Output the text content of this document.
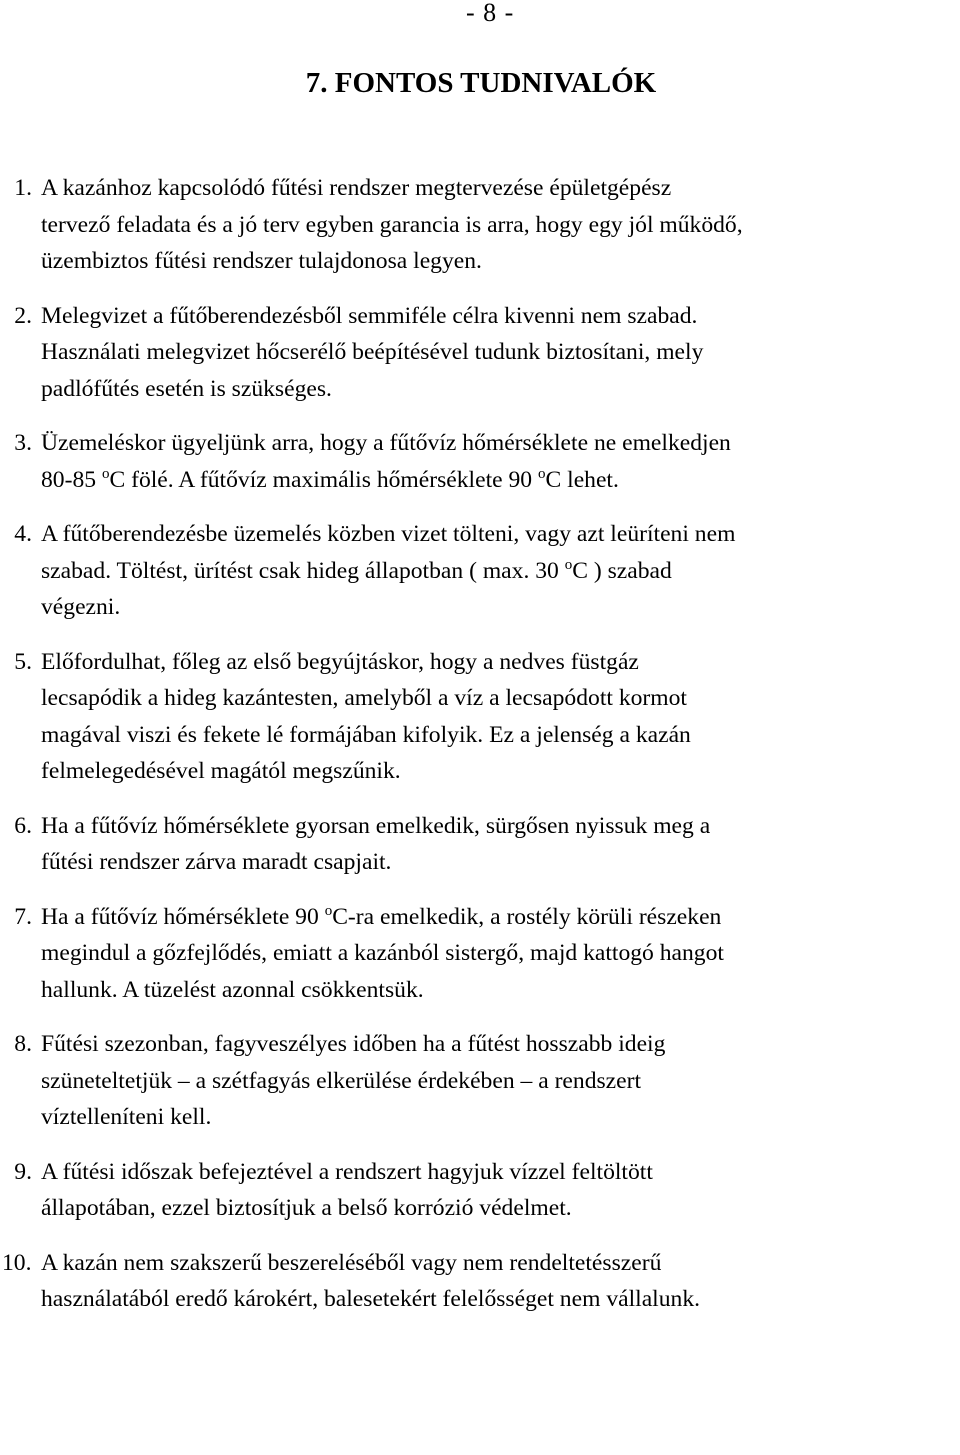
- 8 -
7. FONTOS TUDNIVALÓK
1. A kazánhoz kapcsolódó fűtési rendszer megtervezése épületgépész
tervező feladata és a jó terv egyben garancia is arra, hogy egy jól működő,
üzembiztos fűtési rendszer tulajdonosa legyen.
2. Melegvizet a fűtőberendezésből semmiféle célra kivenni nem szabad.
Használati melegvizet hőcserélő beépítésével tudunk biztosítani, mely
padlófűtés esetén is szükséges.
3. Üzemeléskor ügyeljünk arra, hogy a fűtővíz hőmérséklete ne emelkedjen
80-85 $^o$C fölé. A fűtővíz maximális hőmérséklete 90 $^o$C lehet.
4. A fűtőberendezésbe üzemelés közben vizet tölteni, vagy azt leüríteni nem
szabad. Töltést, ürítést csak hideg állapotban ( max. 30 $^o$C ) szabad
végezni.
5. Előfordulhat, főleg az első begyújtáskor, hogy a nedves füstgáz
lecsapódik a hideg kazántesten, amelyből a víz a lecsapódott kormot
magával viszi és fekete lé formájában kifolyik. Ez a jelenség a kazán
felmelegedésével magától megszűnik.
6. Ha a fűtővíz hőmérséklete gyorsan emelkedik, sürgősen nyissuk meg a
fűtési rendszer zárva maradt csapjait.
7. Ha a fűtővíz hőmérséklete 90 $^o$C-ra emelkedik, a rostély körüli részeken
megindul a gőzfejlődés, emiatt a kazánból sistergő, majd kattogó hangot
hallunk. A tüzelést azonnal csökkentsük.
8. Fűtési szezonban, fagyveszélyes időben ha a fűtést hosszabb ideig
szüneteltetjük – a szétfagyás elkerülése érdekében – a rendszert
víztelleníteni kell.
9. A fűtési időszak befejeztével a rendszert hagyjuk vízzel feltöltött
állapotában, ezzel biztosítjuk a belső korrózió védelmet.
10. A kazán nem szakszerű beszereléséből vagy nem rendeltetésszerű
használatából eredő károkért, balesetekért felelősséget nem vállalunk.
